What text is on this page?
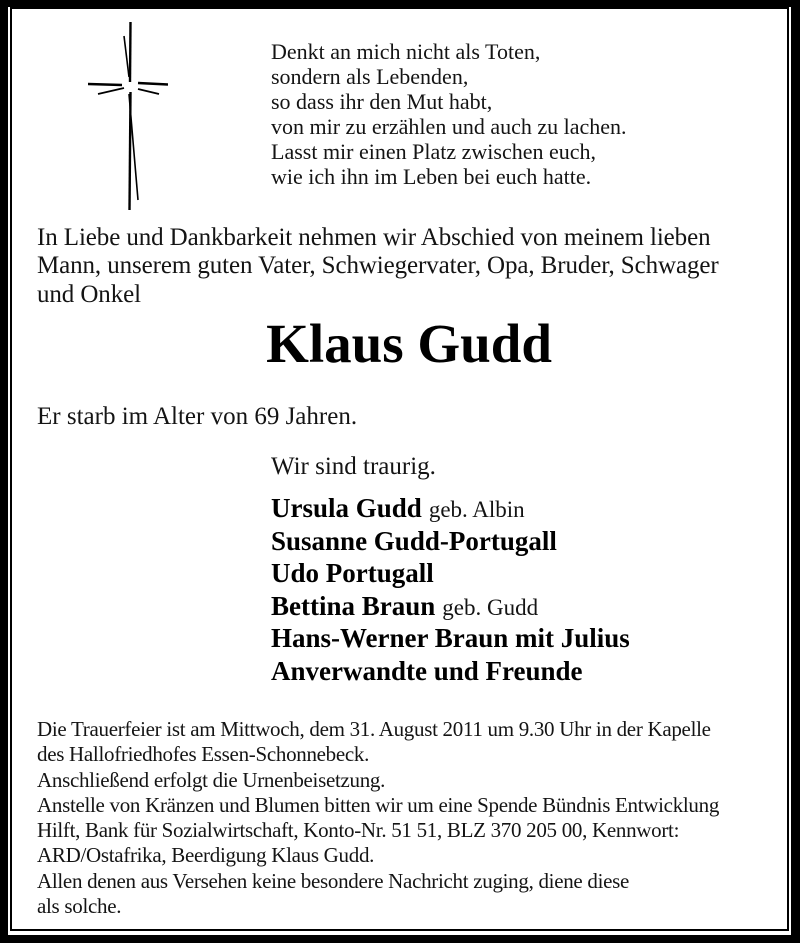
Denkt an mich nicht als Toten,
sondern als Lebenden,
so dass ihr den Mut habt,
von mir zu erzählen und auch zu lachen.
Lasst mir einen Platz zwischen euch,
wie ich ihn im Leben bei euch hatte.
In Liebe und Dankbarkeit nehmen wir Abschied von meinem lieben
Mann, unserem guten Vater, Schwiegervater, Opa, Bruder, Schwager
und Onkel
Klaus Gudd
Er starb im Alter von 69 Jahren.
Wir sind traurig.
Ursula Gudd geb. Albin
Susanne Gudd-Portugall
Udo Portugall
Bettina Braun geb. Gudd
Hans-Werner Braun mit Julius
Anverwandte und Freunde
Die Trauerfeier ist am Mittwoch, dem 31. August 2011 um 9.30 Uhr in der Kapelle
des Hallofriedhofes Essen-Schonnebeck.
Anschließend erfolgt die Urnenbeisetzung.
Anstelle von Kränzen und Blumen bitten wir um eine Spende Bündnis Entwicklung
Hilft, Bank für Sozialwirtschaft, Konto-Nr. 51 51, BLZ 370 205 00, Kennwort:
ARD/Ostafrika, Beerdigung Klaus Gudd.
Allen denen aus Versehen keine besondere Nachricht zuging, diene diese
als solche.
